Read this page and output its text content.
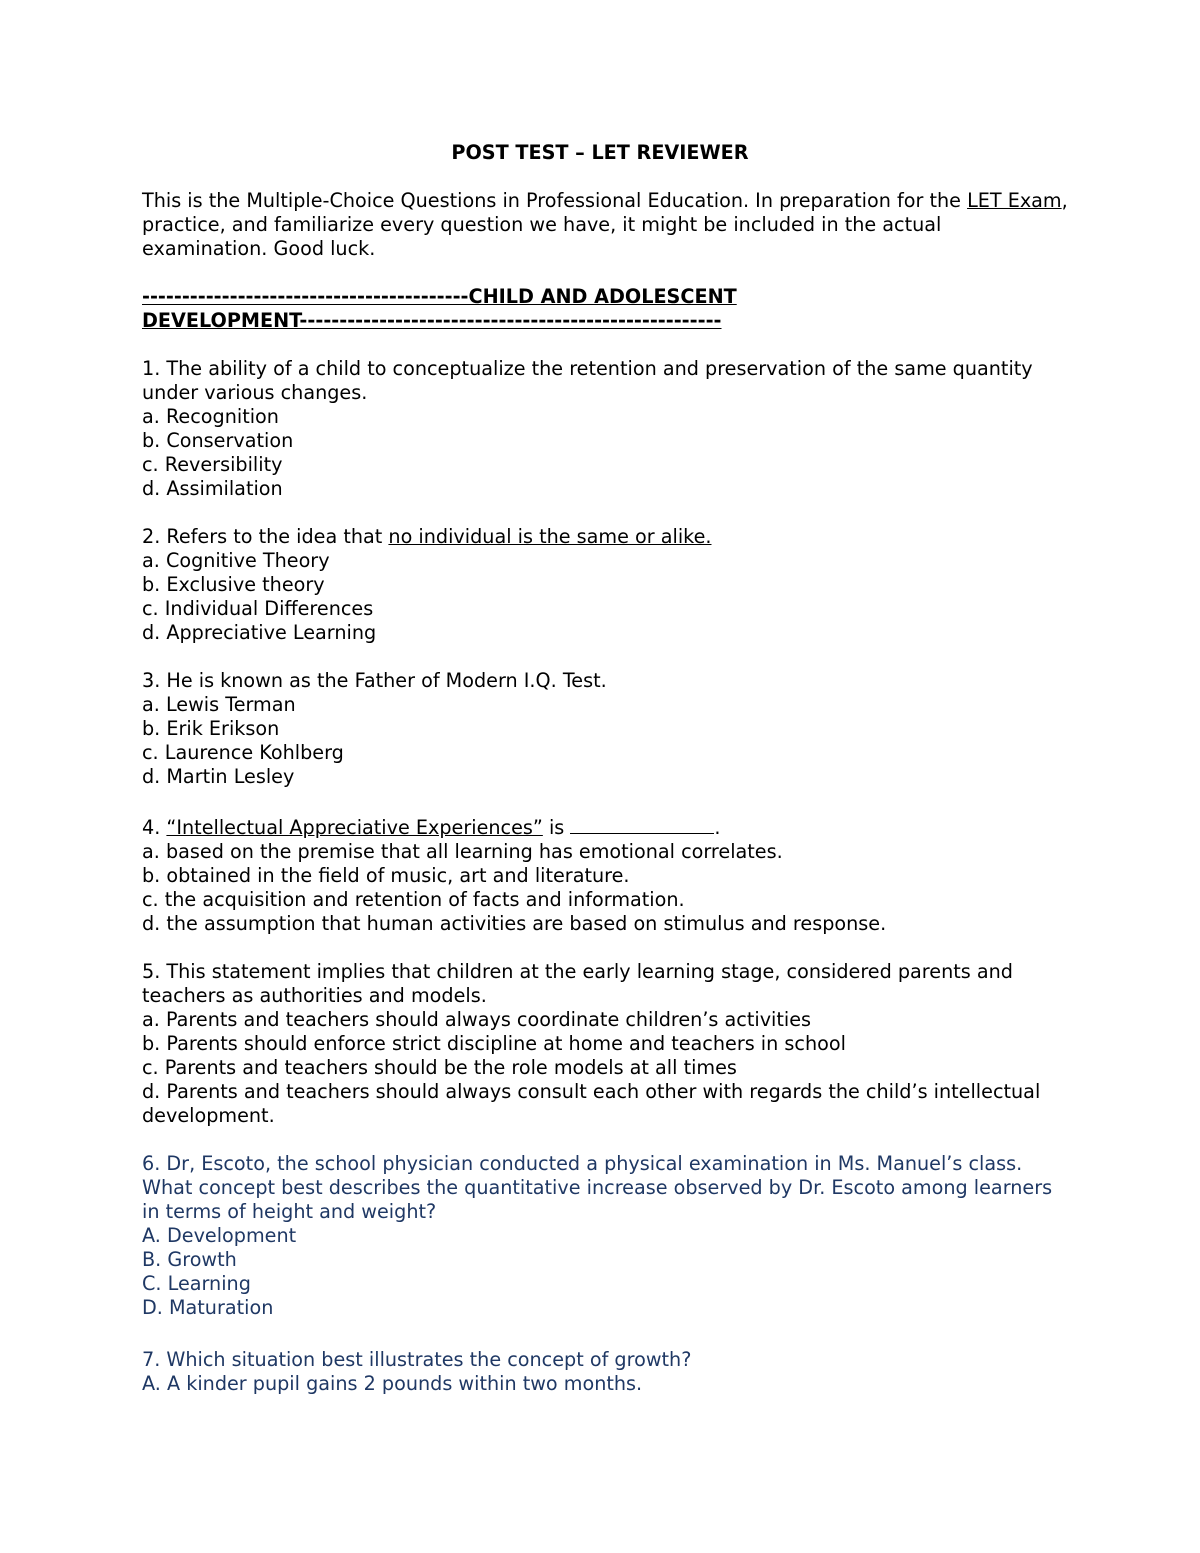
POST TEST – LET REVIEWER

This is the Multiple-Choice Questions in Professional Education. In preparation for the LET Exam, practice, and familiarize every question we have, it might be included in the actual examination. Good luck.

-----------------------------------------CHILD AND ADOLESCENT
DEVELOPMENT-----------------------------------------------------

1. The ability of a child to conceptualize the retention and preservation of the same quantity under various changes.

a. Recognition

b. Conservation

c. Reversibility

d. Assimilation

2. Refers to the idea that no individual is the same or alike.

a. Cognitive Theory

b. Exclusive theory

c. Individual Differences

d. Appreciative Learning

3. He is known as the Father of Modern I.Q. Test.

a. Lewis Terman

b. Erik Erikson

c. Laurence Kohlberg

d. Martin Lesley

4. “Intellectual Appreciative Experiences” is	.

a. based on the premise that all learning has emotional correlates.

b. obtained in the field of music, art and literature.

c. the acquisition and retention of facts and information.

d. the assumption that human activities are based on stimulus and response.

5. This statement implies that children at the early learning stage, considered parents and teachers as authorities and models.

a. Parents and teachers should always coordinate children’s activities

b. Parents should enforce strict discipline at home and teachers in school

c. Parents and teachers should be the role models at all times

d. Parents and teachers should always consult each other with regards the child’s intellectual development.

6. Dr, Escoto, the school physician conducted a physical examination in Ms. Manuel’s class. What concept best describes the quantitative increase observed by Dr. Escoto among learners in terms of height and weight?

A. Development

B. Growth

C. Learning

D. Maturation

7. Which situation best illustrates the concept of growth?

A. A kinder pupil gains 2 pounds within two months.
